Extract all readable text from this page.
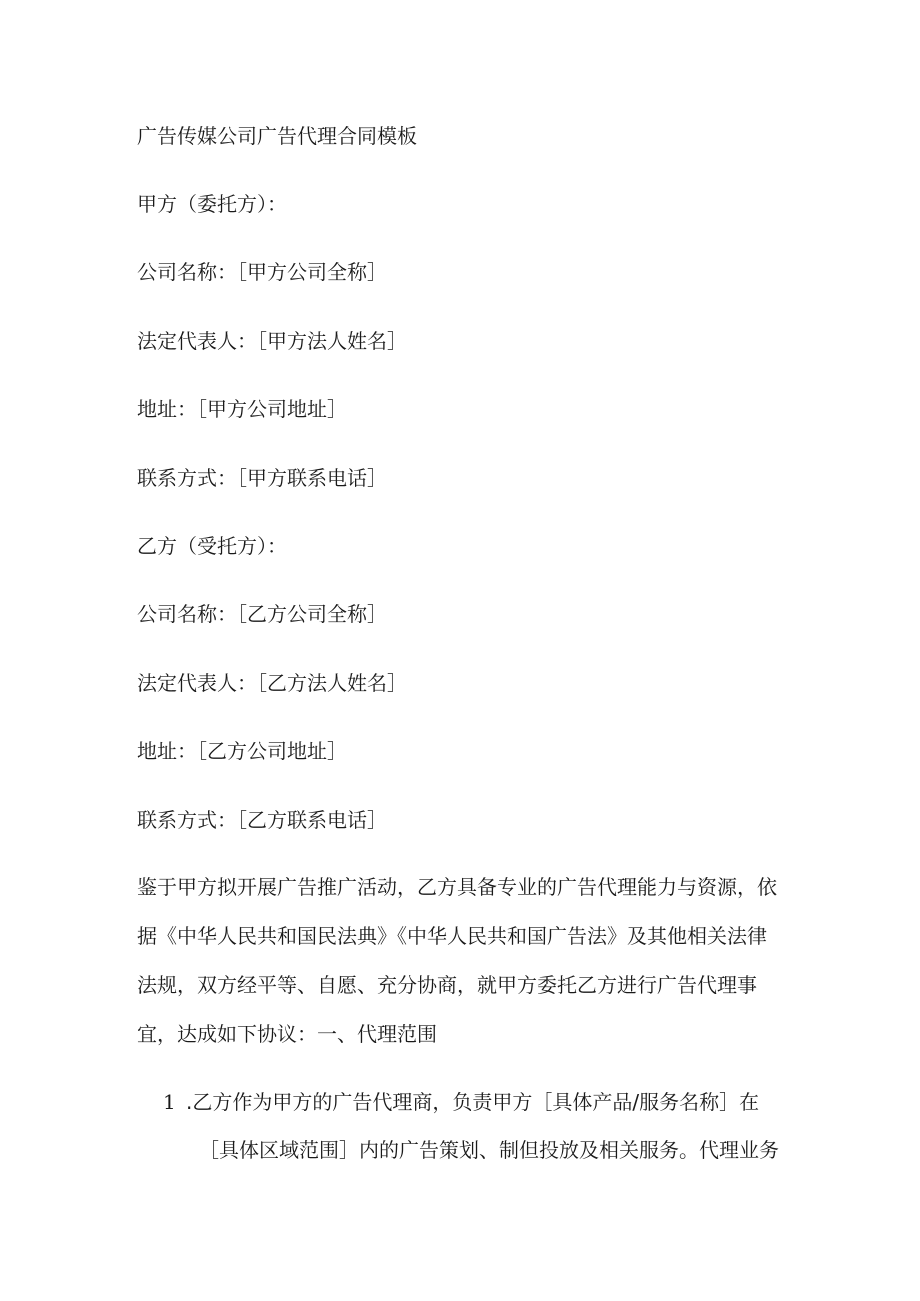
广告传媒公司广告代理合同模板
甲方（委托方）：
公司名称：［甲方公司全称］
法定代表人：［甲方法人姓名］
地址：［甲方公司地址］
联系方式：［甲方联系电话］
乙方（受托方）：
公司名称：［乙方公司全称］
法定代表人：［乙方法人姓名］
地址：［乙方公司地址］
联系方式：［乙方联系电话］
鉴于甲方拟开展广告推广活动，乙方具备专业的广告代理能力与资源，依
据《中华人民共和国民法典》《中华人民共和国广告法》及其他相关法律
法规，双方经平等、自愿、充分协商，就甲方委托乙方进行广告代理事
宜，达成如下协议：一、代理范围
1 .乙方作为甲方的广告代理商，负责甲方［具体产品/服务名称］在
［具体区域范围］内的广告策划、制但投放及相关服务。代理业务
